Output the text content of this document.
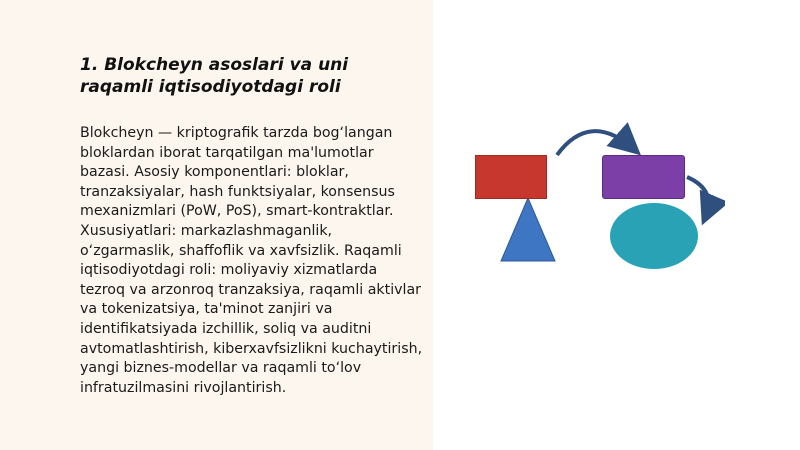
1. Blokcheyn asoslari va uni raqamli iqtisodiyotdagi roli

Blokcheyn — kriptografik tarzda bog‘langan bloklardan iborat tarqatilgan ma'lumotlar bazasi. Asosiy komponentlari: bloklar, tranzaksiyalar, hash funktsiyalar, konsensus mexanizmlari (PoW, PoS), smart-kontraktlar. Xususiyatlari: markazlashmaganlik, o‘zgarmaslik, shaffoflik va xavfsizlik. Raqamli iqtisodiyotdagi roli: moliyaviy xizmatlarda tezroq va arzonroq tranzaksiya, raqamli aktivlar va tokenizatsiya, ta'minot zanjiri va identifikatsiyada izchillik, soliq va auditni avtomatlashtirish, kiberxavfsizlikni kuchaytirish, yangi biznes-modellar va raqamli to‘lov infratuzilmasini rivojlantirish.
